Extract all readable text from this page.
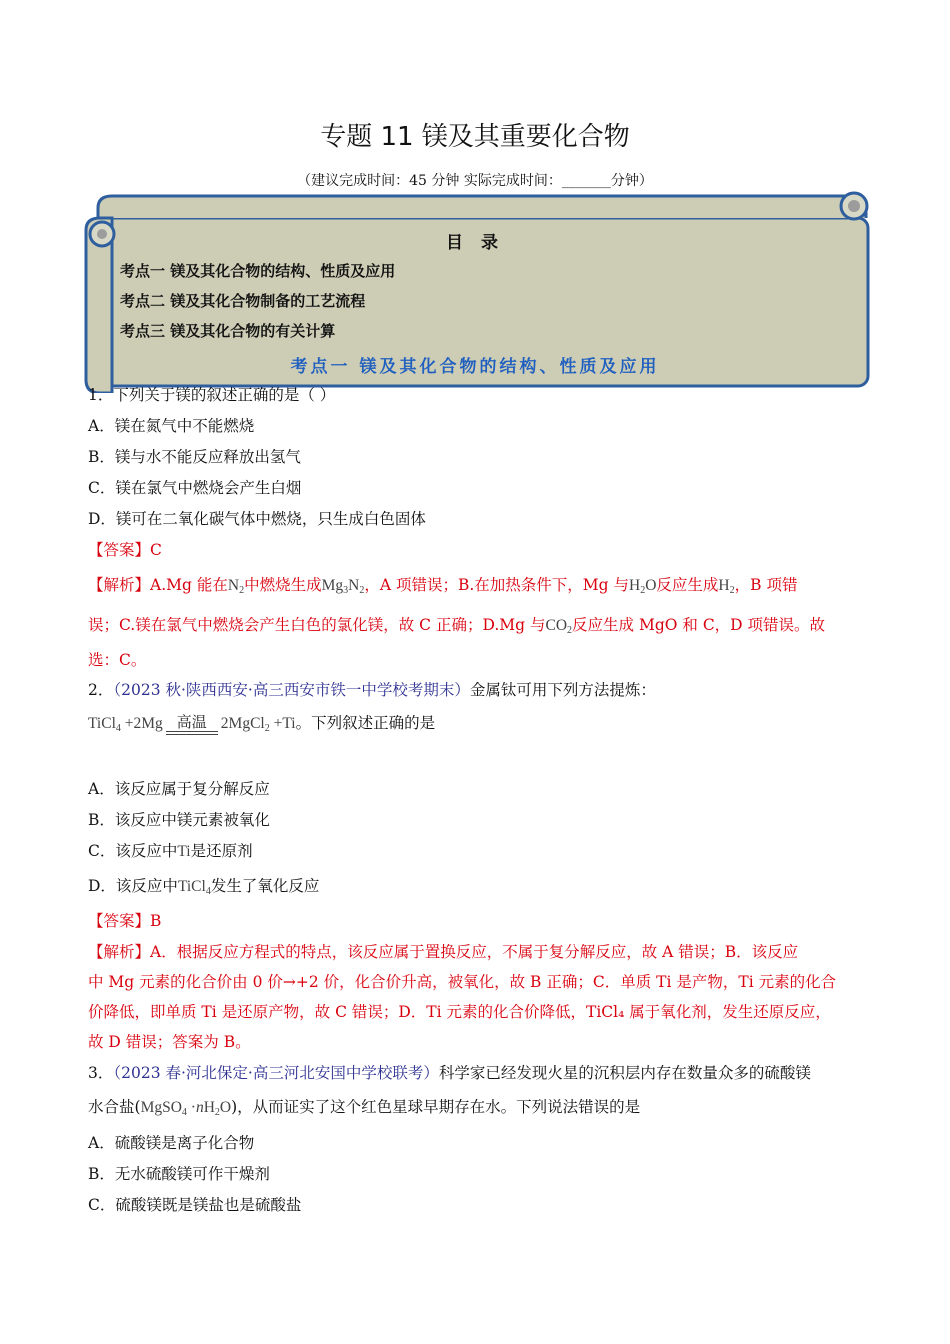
专题 11 镁及其重要化合物
（建议完成时间：45 分钟 实际完成时间：_______分钟）
目 录
考点一 镁及其化合物的结构、性质及应用
考点二 镁及其化合物制备的工艺流程
考点三 镁及其化合物的有关计算
考点一 镁及其化合物的结构、性质及应用
1．下列关于镁的叙述正确的是（ ）
A．镁在氮气中不能燃烧
B．镁与水不能反应释放出氢气
C．镁在氯气中燃烧会产生白烟
D．镁可在二氧化碳气体中燃烧，只生成白色固体
【答案】C
【解析】A.Mg 能在$N_2$中燃烧生成$Mg_3N_2$，A 项错误；B.在加热条件下，Mg 与$H_2O$反应生成$H_2$，B 项错
误；C.镁在氯气中燃烧会产生白色的氯化镁，故 C 正确；D.Mg 与$CO_2$反应生成 MgO 和 C，D 项错误。故
选：C。
2．（2023 秋·陕西西安·高三西安市铁一中学校考期末）金属钛可用下列方法提炼：
TiCl$_4$ +2Mg 高温 2MgCl$_2$ +Ti。下列叙述正确的是
A．该反应属于复分解反应
B．该反应中镁元素被氧化
C．该反应中Ti是还原剂
D．该反应中TiCl$_4$发生了氧化反应
【答案】B
【解析】A．根据反应方程式的特点，该反应属于置换反应，不属于复分解反应，故 A 错误；B．该反应
中 Mg 元素的化合价由 0 价→+2 价，化合价升高，被氧化，故 B 正确；C．单质 Ti 是产物，Ti 元素的化合
价降低，即单质 Ti 是还原产物，故 C 错误；D．Ti 元素的化合价降低，TiCl₄ 属于氧化剂，发生还原反应，
故 D 错误；答案为 B。
3．（2023 春·河北保定·高三河北安国中学校联考）科学家已经发现火星的沉积层内存在数量众多的硫酸镁
水合盐(MgSO$_4$ $\cdot nH_2O$)，从而证实了这个红色星球早期存在水。下列说法错误的是
A．硫酸镁是离子化合物
B．无水硫酸镁可作干燥剂
C．硫酸镁既是镁盐也是硫酸盐
